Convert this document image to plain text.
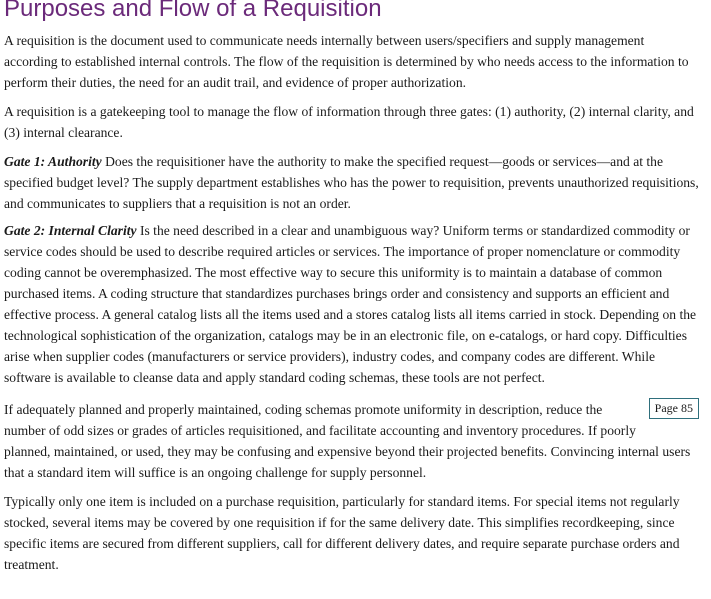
Purposes and Flow of a Requisition

A requisition is the document used to communicate needs internally between users/specifiers and supply management according to established internal controls. The flow of the requisition is determined by who needs access to the information to perform their duties, the need for an audit trail, and evidence of proper authorization.

A requisition is a gatekeeping tool to manage the flow of information through three gates: (1) authority, (2) internal clarity, and (3) internal clearance.

Gate 1: Authority Does the requisitioner have the authority to make the specified request—goods or services—and at the specified budget level? The supply department establishes who has the power to requisition, prevents unauthorized requisitions, and communicates to suppliers that a requisition is not an order.

Gate 2: Internal Clarity Is the need described in a clear and unambiguous way? Uniform terms or standardized commodity or service codes should be used to describe required articles or services. The importance of proper nomenclature or commodity coding cannot be overemphasized. The most effective way to secure this uniformity is to maintain a database of common purchased items. A coding structure that standardizes purchases brings order and consistency and supports an efficient and effective process. A general catalog lists all the items used and a stores catalog lists all items carried in stock. Depending on the technological sophistication of the organization, catalogs may be in an electronic file, on e-catalogs, or hard copy. Difficulties arise when supplier codes (manufacturers or service providers), industry codes, and company codes are different. While software is available to cleanse data and apply standard coding schemas, these tools are not perfect.

Page 85
If adequately planned and properly maintained, coding schemas promote uniformity in description, reduce the number of odd sizes or grades of articles requisitioned, and facilitate accounting and inventory procedures. If poorly planned, maintained, or used, they may be confusing and expensive beyond their projected benefits. Convincing internal users that a standard item will suffice is an ongoing challenge for supply personnel.

Typically only one item is included on a purchase requisition, particularly for standard items. For special items not regularly stocked, several items may be covered by one requisition if for the same delivery date. This simplifies recordkeeping, since specific items are secured from different suppliers, call for different delivery dates, and require separate purchase orders and treatment.
